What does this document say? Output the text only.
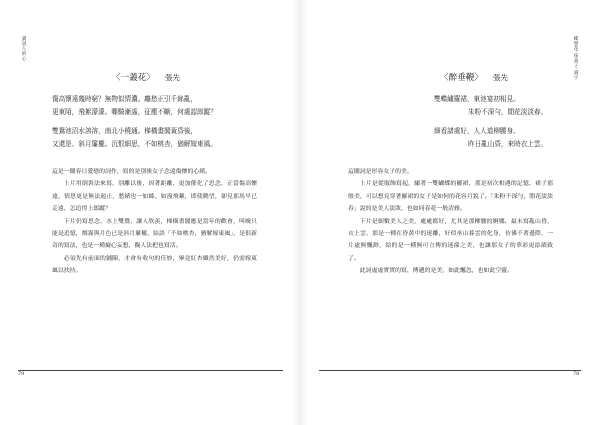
讀詞人的心
〈一叢花〉 張先
傷高懷遠幾時窮？無物似情濃。離愁正引千絲亂，
更東陌，飛絮濛濛。嘶騎漸遙，征塵不斷，何處認郎蹤？
雙鴛池沼水溶溶，南北小橈通。梯橫畫閣黃昏後，
又還是、斜月簾櫳。沉恨細思，不如桃杏，猶解嫁東風。

這是一闋春日愛戀的詞作，寫的是別後女子念遠傷懷的心緒。

上片用倒裝法來寫，別離以後，因著距離，更加催化了思念，正當傷高懷遠，情思更是無法遏止，愁緒也一如絲、如漫飛絮，即使眺望，卻見那馬早已走遠，怎追得上郎蹤？

下片仍寫思念，水上雙鴛，讓人欣羨，梯橫畫閣應是當年的歡會，叫喚只能是追憶，烟霧與月色已是斜月簾櫳，結語「不如桃杏，猶解嫁東風」，是很新奇的寫法，也是一種癡心妄想，擬人法把也寫活。

必須先有前面的鋪陳，才會有收句的佳妙，畢竟紅杏雖然美好，仍需嫁東風以扶持。

79
蝶戀花‧採桑子‧減字
〈醉垂鞭〉 張先
雙蝶繡羅裙，東池宴初相見。
朱粉不深勻，閒花淡淡春。
細看諸處好，人人道柳腰身。
昨日亂山昏，來時衣上雲。

這闋詞是形容女子的美。

上片是從服飾寫起，繡著一雙蝴蝶的羅裙，那是初次相遇的記憶，裙子那般美，可以想見穿著羅裙的女子是如何的花容月貌了。「朱粉不深勻，閒花淡淡春」說的是美人淡妝，也如同春花一般清雅。

下片是細數美人之美，處處都好，尤其是那柳腰的婀娜，最末寫亂山昏，衣上雲，那是一種在昏黃中的迷離，好似巫山暮雲的化身，彷彿不著邊際，一片虛無飄渺，給的是一種無可言傳的迷濛之美，也讓那女子的華彩更添韻致了。

此詞虛虛實實的寫，傳遞的是美，如此飄忽，也如此空靈。

78
